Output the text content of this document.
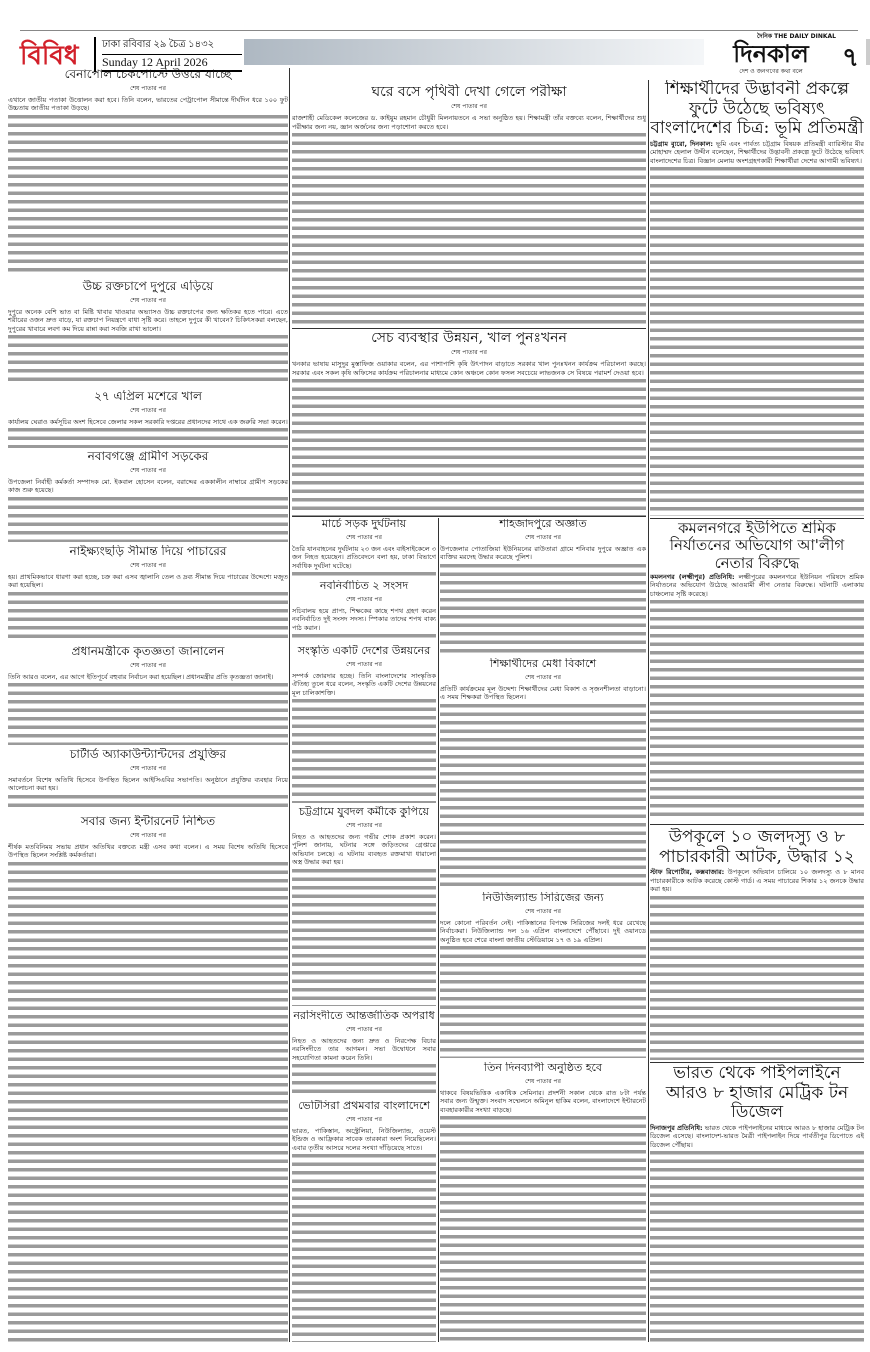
বিবিধ ঢাকা রবিবার ২৯ চৈত্র ১৪৩২
Sunday 12 April 2026
দৈনিক THE DAILY DINKAL
দিনকাল
দেশ ও জনগণের কথা বলে	৭
বেনাপোল চেকপোস্টে উত্তরে যাচ্ছে
শেষ পাতার পর
এখানে জাতীয় পতাকা উত্তোলন করা হবে। তিনি বলেন, ভারতের পেট্রাপোল সীমান্তে দীর্ঘদিন ধরে ১০০ ফুট উচ্চতায় জাতীয় পতাকা উড়ছে।
উচ্চ রক্তচাপে দুপুরে এড়িয়ে
শেষ পাতার পর
দুপুরে অনেক বেশি ভাত বা মিষ্টি খাবার খাওয়ার অভ্যাসও উচ্চ রক্তচাপের জন্য ক্ষতিকর হতে পারে। এতে শরীরের ওজন দ্রুত বাড়ে, যা রক্তচাপ নিয়ন্ত্রণে বাধা সৃষ্টি করে। তাহলে দুপুরে কী খাবেন? চিকিৎসকরা বলছেন, দুপুরের খাবারে লবণ কম দিয়ে রান্না করা সবজি রাখা ভালো।
২৭ এপ্রিল মশেরে খাল
শেষ পাতার পর
কার্যালয় ঘেরাও কর্মসূচির অংশ হিসেবে জেলার সকল সরকারি দপ্তরের প্রধানদের সাথে এক জরুরি সভা করেন।
নবাবগঞ্জে গ্রামীণ সড়কের
শেষ পাতার পর
উপজেলা নির্বাহী কর্মকর্তা সম্পাদক মো. ইকবাল হোসেন বলেন, বরাদ্দের এককালীন নাম্বারে গ্রামীণ সড়কের কাজ শুরু হয়েছে।
নাইক্ষ্যংছড়ি সীমান্ত দিয়ে পাচারের
শেষ পাতার পর
হয়। প্রাথমিকভাবে ধারণা করা হচ্ছে, চক্র করা এসব জ্বালানি তেল ও দ্রব্য সীমান্ত দিয়ে পাচারের উদ্দেশ্যে মজুত করা হয়েছিল।
প্রধানমন্ত্রীকে কৃতজ্ঞতা জানালেন
শেষ পাতার পর
তিনি আরও বলেন, এর আগে ইতিপূর্বে বহুবার নির্বাচন করা হয়েছিল। প্রধানমন্ত্রীর প্রতি কৃতজ্ঞতা জানাই।
চার্টার্ড অ্যাকাউন্ট্যান্টদের প্রযুক্তির
শেষ পাতার পর
সমাবর্তনে বিশেষ অতিথি হিসেবে উপস্থিত ছিলেন আইসিএবির সভাপতি। অনুষ্ঠানে প্রযুক্তির ব্যবহার নিয়ে আলোচনা করা হয়।
সবার জন্য ইন্টারনেট নিশ্চিত
শেষ পাতার পর
শীর্ষক মতবিনিময় সভায় প্রধান অতিথির বক্তব্যে মন্ত্রী এসব কথা বলেন। এ সময় বিশেষ অতিথি হিসেবে উপস্থিত ছিলেন সংশ্লিষ্ট কর্মকর্তারা।
ঘরে বসে পৃথিবী দেখা গেলে পরীক্ষা
শেষ পাতার পর
রাজশাহী মেডিকেল কলেজের ড. কাইয়ুম রহমান চৌধুরী মিলনায়তনে এ সভা অনুষ্ঠিত হয়। শিক্ষামন্ত্রী তাঁর বক্তব্যে বলেন, শিক্ষার্থীদের শুধু পরীক্ষার জন্য নয়, জ্ঞান অর্জনের জন্য পড়াশোনা করতে হবে।
সেচ ব্যবস্থার উন্নয়ন, খাল পুনঃখনন
শেষ পাতার পর
খনকার ভাষায় মাসুদুর মুস্তাফিজ ওয়াকার বলেন, এর পাশাপাশি কৃষি উৎপাদন বাড়াতে সরকার খাল পুনঃখনন কার্যক্রম পরিচালনা করছে। সরকার এবং সকল কৃষি অফিসের কার্যক্রম পরিচালনার মাধ্যমে কোন অঞ্চলে কোন ফসল সবচেয়ে লাভজনক সে বিষয়ে পরামর্শ দেওয়া হবে।
মার্চে সড়ক দুর্ঘটনায়
শেষ পাতার পর
তৈরি যানবাহনের দুর্ঘটনায় ২৩ জন এবং বাইসাইকেলে ৩ জন নিহত হয়েছেন। প্রতিবেদনে বলা হয়, ঢাকা বিভাগে সর্বাধিক দুর্ঘটনা ঘটেছে।
নবনির্বাচিত ২ সংসদ
শেষ পাতার পর
সচিবালয় হয়ে প্রাপ্য, শিক্ষকের কাছে শপথ গ্রহণ করেন নবনির্বাচিত দুই সংসদ সদস্য। স্পিকার তাদের শপথ বাক্য পাঠ করান।
সংস্কৃতি একটি দেশের উন্নয়নের
শেষ পাতার পর
সম্পর্ক জোরদার হচ্ছে। তিনি বাংলাদেশের সাংস্কৃতিক ঐতিহ্য তুলে ধরে বলেন, সংস্কৃতি একটি দেশের উন্নয়নের মূল চালিকাশক্তি।
চট্টগ্রামে যুবদল কর্মীকে কুপিয়ে
শেষ পাতার পর
নিহত ও আহতদের জন্য গভীর শোক প্রকাশ করেন। পুলিশ জানায়, ঘটনার সঙ্গে জড়িতদের গ্রেপ্তারে অভিযান চলছে। এ ঘটনায় ব্যবহৃত রক্তমাখা ধারালো অস্ত্র উদ্ধার করা হয়।
নরসিংদীতে আন্তর্জাতিক অপরাধ
শেষ পাতার পর
নিহত ও আহতদের জন্য দ্রুত ও নিরপেক্ষ বিচার নরসিংদীতে তার আগমন। সভা উদ্বোধনে সবার সহযোগিতা কামনা করেন তিনি।
ভেটিসিরা প্রথমবার বাংলাদেশে
শেষ পাতার পর
ভারত, পাকিস্তান, অস্ট্রেলিয়া, নিউজিল্যান্ড, ওয়েস্ট ইন্ডিজ ও আফ্রিকার সাবেক তারকারা অংশ নিয়েছিলেন। এবার তৃতীয় আসরে দলের সংখ্যা দাঁড়িয়েছে সাতে।
শাহজাদপুরে অজ্ঞাত
শেষ পাতার পর
উপজেলার পোতাজিয়া ইউনিয়নের রাউতারা গ্রামে শনিবার দুপুরে অজ্ঞাত এক ব্যক্তির মরদেহ উদ্ধার করেছে পুলিশ।
শিক্ষার্থীদের মেধা বিকাশে
শেষ পাতার পর
প্রতিটি কার্যক্রমের মূল উদ্দেশ্য শিক্ষার্থীদের মেধা বিকাশ ও সৃজনশীলতা বাড়ানো। এ সময় শিক্ষকরা উপস্থিত ছিলেন।
নিউজিল্যান্ড সিরিজের জন্য
শেষ পাতার পর
দলে কোনো পরিবর্তন নেই। পাকিস্তানের বিপক্ষে সিরিজের দলই ধরে রেখেছে নির্বাচকরা। নিউজিল্যান্ড দল ১৬ এপ্রিল বাংলাদেশে পৌঁছাবে। দুই ওয়ানডে অনুষ্ঠিত হবে শেরে বাংলা জাতীয় স্টেডিয়ামে ১৭ ও ১৯ এপ্রিল।
তিন দিনব্যাপী অনুষ্ঠিত হবে
শেষ পাতার পর
থাকবে বিষয়ভিত্তিক একাধিক সেমিনার। প্রদর্শনী সকাল থেকে রাত ৮টা পর্যন্ত সবার জন্য উন্মুক্ত। সংবাদ সম্মেলনে অমিনুল হাকিম বলেন, বাংলাদেশে ইন্টারনেট ব্যবহারকারীর সংখ্যা বাড়ছে।
শিক্ষার্থীদের উদ্ভাবনী প্রকল্পে ফুটে উঠেছে ভবিষ্যৎ বাংলাদেশের চিত্র: ভূমি প্রতিমন্ত্রী
চট্টগ্রাম ব্যুরো, দিনকাল: ভূমি এবং পার্বত্য চট্টগ্রাম বিষয়ক প্রতিমন্ত্রী ব্যারিস্টার মীর মোহাম্মদ হেলাল উদ্দীন বলেছেন, শিক্ষার্থীদের উদ্ভাবনী প্রকল্পে ফুটে উঠেছে ভবিষ্যৎ বাংলাদেশের চিত্র। বিজ্ঞান মেলায় অংশগ্রহণকারী শিক্ষার্থীরা দেশের আগামী ভবিষ্যৎ।
কমলনগরে ইউপিতে শ্রমিক নির্যাতনের অভিযোগ আ'লীগ নেতার বিরুদ্ধে
কমলনগর (লক্ষ্মীপুর) প্রতিনিধি: লক্ষ্মীপুরের কমলনগরে ইউনিয়ন পরিষদে শ্রমিক নির্যাতনের অভিযোগ উঠেছে আওয়ামী লীগ নেতার বিরুদ্ধে। ঘটনাটি এলাকায় চাঞ্চল্যের সৃষ্টি করেছে।
উপকূলে ১০ জলদস্যু ও ৮ পাচারকারী আটক, উদ্ধার ১২
স্টাফ রিপোর্টার, কক্সবাজার: উপকূলে অভিযান চালিয়ে ১০ জলদস্যু ও ৮ মানব পাচারকারীকে আটক করেছে কোস্ট গার্ড। এ সময় পাচারের শিকার ১২ জনকে উদ্ধার করা হয়।
ভারত থেকে পাইপলাইনে আরও ৮ হাজার মেট্রিক টন ডিজেল
দিনাজপুর প্রতিনিধি: ভারত থেকে পাইপলাইনের মাধ্যমে আরও ৮ হাজার মেট্রিক টন ডিজেল এসেছে। বাংলাদেশ-ভারত মৈত্রী পাইপলাইন দিয়ে পার্বতীপুর ডিপোতে এই ডিজেল পৌঁছায়।
